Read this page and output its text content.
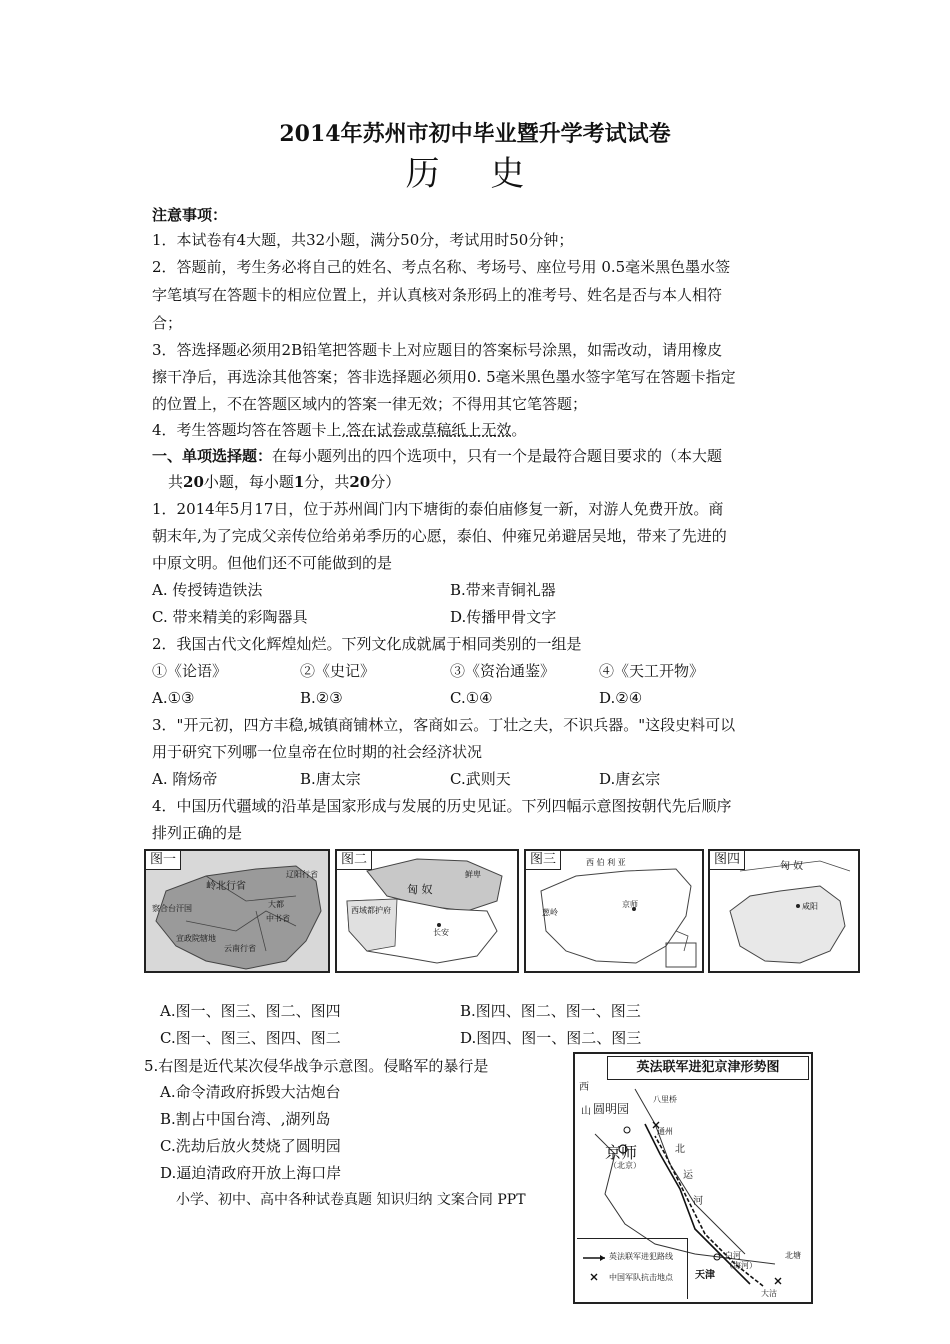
2014年苏州市初中毕业暨升学考试试卷
历 史
注意事项：
1．本试卷有4大题，共32小题，满分50分，考试用时50分钟；
2．答题前，考生务必将自己的姓名、考点名称、考场号、座位号用 0.5毫米黑色墨水签
字笔填写在答题卡的相应位置上，并认真核对条形码上的准考号、姓名是否与本人相符
合；
3．答选择题必须用2B铅笔把答题卡上对应题目的答案标号涂黑，如需改动，请用橡皮
擦干净后，再选涂其他答案；答非选择题必须用0. 5毫米黑色墨水签字笔写在答题卡指定
的位置上，不在答题区域内的答案一律无效；不得用其它笔答题；
4．考生答题均答在答题卡上,答在试卷或草稿纸上无效。
一、单项选择题：在每小题列出的四个选项中，只有一个是最符合题目要求的（本大题
共20小题，每小题1分，共20分）
1．2014年5月17日，位于苏州阊门内下塘街的泰伯庙修复一新，对游人免费开放。商
朝末年,为了完成父亲传位给弟弟季历的心愿，泰伯、仲雍兄弟避居吴地，带来了先进的
中原文明。但他们还不可能做到的是
A. 传授铸造铁法	B.带来青铜礼器
C. 带来精美的彩陶器具	D.传播甲骨文字
2．我国古代文化辉煌灿烂。下列文化成就属于相同类别的一组是
①《论语》	②《史记》	③《资治通鉴》	④《天工开物》
A.①③	B.②③	C.①④	D.②④
3．"开元初，四方丰稳,城镇商铺林立，客商如云。丁壮之夫，不识兵器。"这段史料可以
用于研究下列哪一位皇帝在位时期的社会经济状况
A. 隋炀帝	B.唐太宗	C.武则天	D.唐玄宗
4．中国历代疆域的沿革是国家形成与发展的历史见证。下列四幅示意图按朝代先后顺序
排列正确的是
图一
岭北行省
辽阳行省
察合台汗国
宣政院辖地
大都
中书省
云南行省
图二
匈 奴
西域都护府
长安
鲜卑
图三	西 伯 利 亚
京师
葱岭
图四	匈 奴
咸阳
A.图一、图三、图二、图四	B.图四、图二、图一、图三
C.图一、图三、图四、图二	D.图四、图一、图二、图三
5.右图是近代某次侵华战争示意图。侵略军的暴行是
A.命令清政府拆毁大沽炮台
B.割占中国台湾、,湖列岛
C.洗劫后放火焚烧了圆明园
D.逼迫清政府开放上海口岸
小学、初中、高中各种试卷真题 知识归纳 文案合同 PPT
英法联军进犯京津形势图
西
山 圆明园
八里桥
通州
京师
（北京）
北
运
河
天津
白河
（海河）
北塘
大沽
英法联军进犯路线
中国军队抗击地点
